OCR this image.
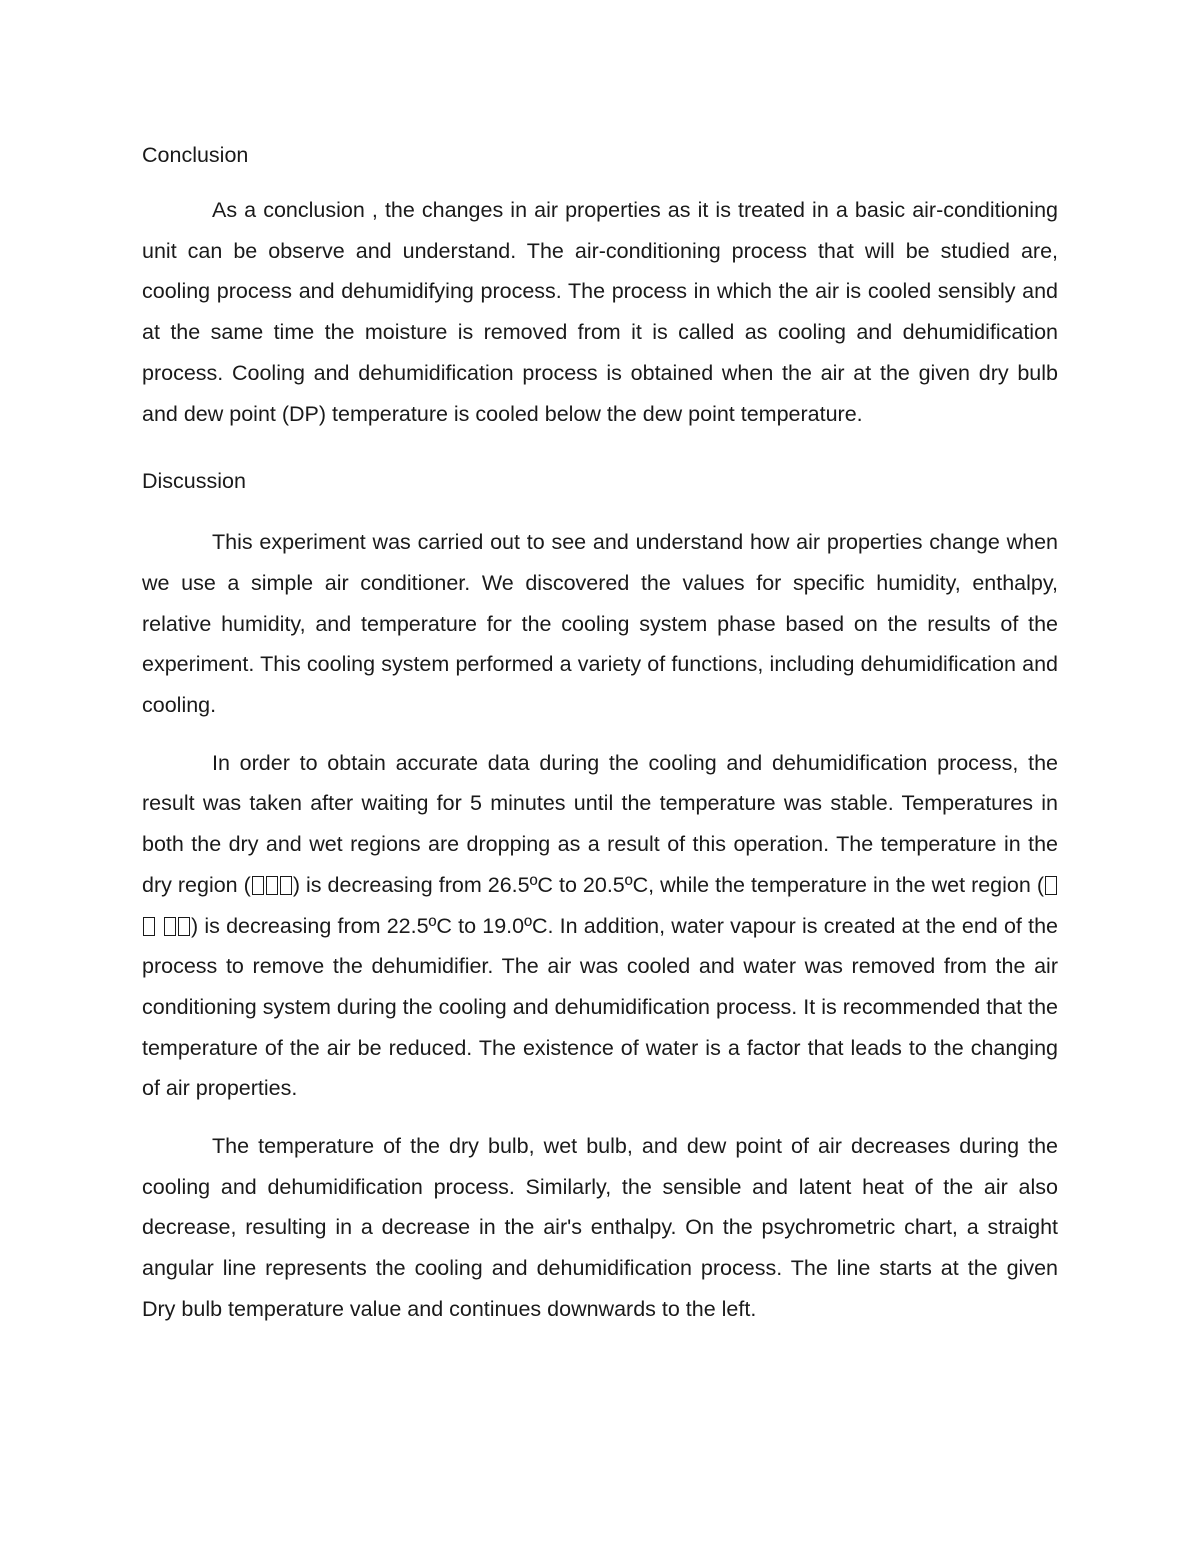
Conclusion

As a conclusion , the changes in air properties as it is treated in a basic air-conditioning unit can be observe and understand. The air-conditioning process that will be studied are, cooling process and dehumidifying process. The process in which the air is cooled sensibly and at the same time the moisture is removed from it is called as cooling and dehumidification process. Cooling and dehumidification process is obtained when the air at the given dry bulb and dew point (DP) temperature is cooled below the dew point temperature.

Discussion

This experiment was carried out to see and understand how air properties change when we use a simple air conditioner. We discovered the values for specific humidity, enthalpy, relative humidity, and temperature for the cooling system phase based on the results of the experiment. This cooling system performed a variety of functions, including dehumidification and cooling.

In order to obtain accurate data during the cooling and dehumidification process, the result was taken after waiting for 5 minutes until the temperature was stable. Temperatures in both the dry and wet regions are dropping as a result of this operation. The temperature in the dry region ( ) is decreasing from 26.5ºC to 20.5ºC, while the temperature in the wet region () is decreasing from 22.5ºC to 19.0ºC. In addition, water vapour is created at the end of the process to remove the dehumidifier. The air was cooled and water was removed from the air conditioning system during the cooling and dehumidification process. It is recommended that the temperature of the air be reduced. The existence of water is a factor that leads to the changing of air properties.

The temperature of the dry bulb, wet bulb, and dew point of air decreases during the cooling and dehumidification process. Similarly, the sensible and latent heat of the air also decrease, resulting in a decrease in the air's enthalpy. On the psychrometric chart, a straight angular line represents the cooling and dehumidification process. The line starts at the given Dry bulb temperature value and continues downwards to the left.
